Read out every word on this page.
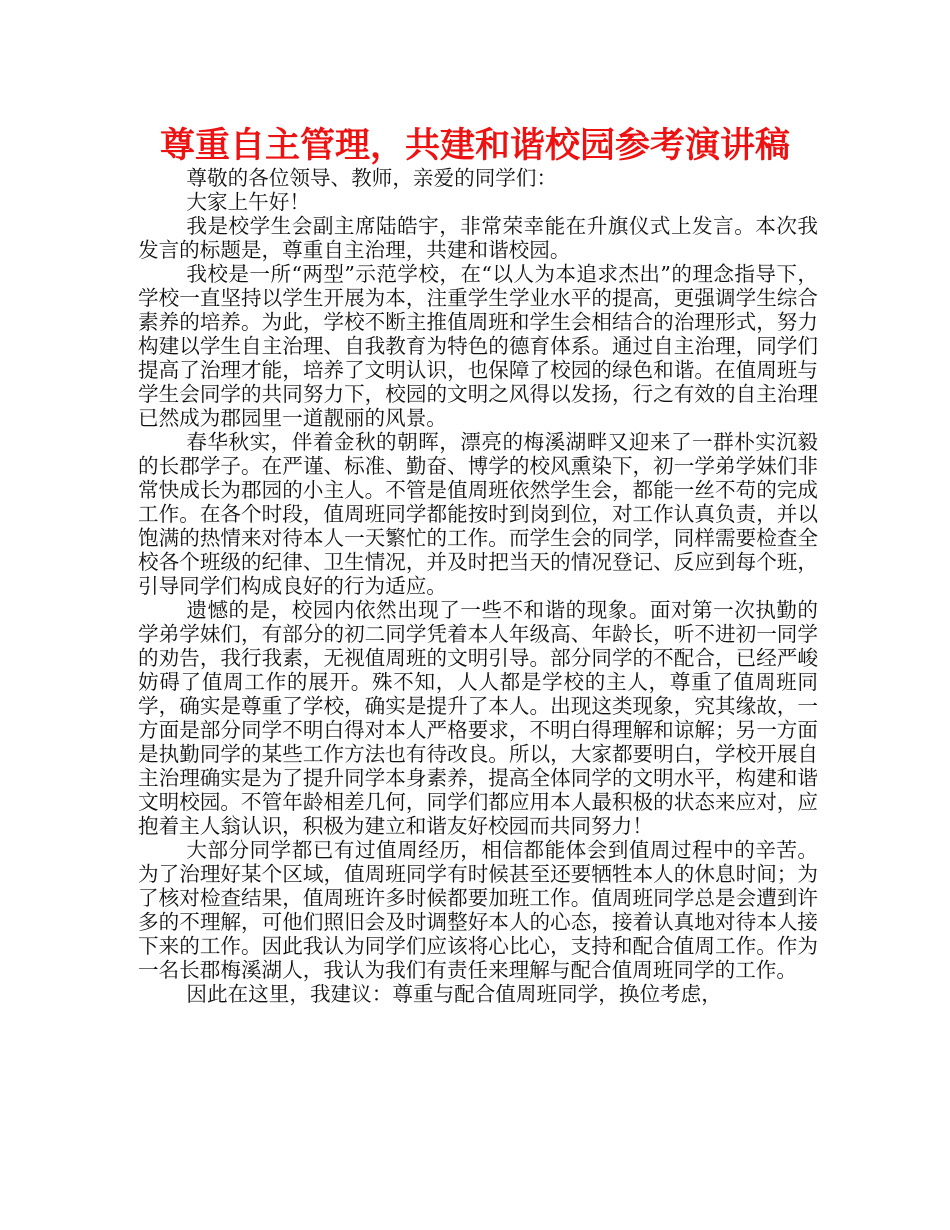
尊重自主管理，共建和谐校园参考演讲稿

尊敬的各位领导、教师，亲爱的同学们：

大家上午好！

我是校学生会副主席陆皓宇，非常荣幸能在升旗仪式上发言。本次我发言的标题是，尊重自主治理，共建和谐校园。

我校是一所“两型”示范学校，在“以人为本追求杰出”的理念指导下，学校一直坚持以学生开展为本，注重学生学业水平的提高，更强调学生综合素养的培养。为此，学校不断主推值周班和学生会相结合的治理形式，努力构建以学生自主治理、自我教育为特色的德育体系。通过自主治理，同学们提高了治理才能，培养了文明认识，也保障了校园的绿色和谐。在值周班与学生会同学的共同努力下，校园的文明之风得以发扬，行之有效的自主治理已然成为郡园里一道靓丽的风景。

春华秋实，伴着金秋的朝晖，漂亮的梅溪湖畔又迎来了一群朴实沉毅的长郡学子。在严谨、标准、勤奋、博学的校风熏染下，初一学弟学妹们非常快成长为郡园的小主人。不管是值周班依然学生会，都能一丝不苟的完成工作。在各个时段，值周班同学都能按时到岗到位，对工作认真负责，并以饱满的热情来对待本人一天繁忙的工作。而学生会的同学，同样需要检查全校各个班级的纪律、卫生情况，并及时把当天的情况登记、反应到每个班，引导同学们构成良好的行为适应。

遗憾的是，校园内依然出现了一些不和谐的现象。面对第一次执勤的学弟学妹们，有部分的初二同学凭着本人年级高、年龄长，听不进初一同学的劝告，我行我素，无视值周班的文明引导。部分同学的不配合，已经严峻妨碍了值周工作的展开。殊不知，人人都是学校的主人，尊重了值周班同学，确实是尊重了学校，确实是提升了本人。出现这类现象，究其缘故，一方面是部分同学不明白得对本人严格要求，不明白得理解和谅解；另一方面是执勤同学的某些工作方法也有待改良。所以，大家都要明白，学校开展自主治理确实是为了提升同学本身素养，提高全体同学的文明水平，构建和谐文明校园。不管年龄相差几何，同学们都应用本人最积极的状态来应对，应抱着主人翁认识，积极为建立和谐友好校园而共同努力！

大部分同学都已有过值周经历，相信都能体会到值周过程中的辛苦。为了治理好某个区域，值周班同学有时候甚至还要牺牲本人的休息时间；为了核对检查结果，值周班许多时候都要加班工作。值周班同学总是会遭到许多的不理解，可他们照旧会及时调整好本人的心态，接着认真地对待本人接下来的工作。因此我认为同学们应该将心比心，支持和配合值周工作。作为一名长郡梅溪湖人，我认为我们有责任来理解与配合值周班同学的工作。

因此在这里，我建议：尊重与配合值周班同学，换位考虑，
